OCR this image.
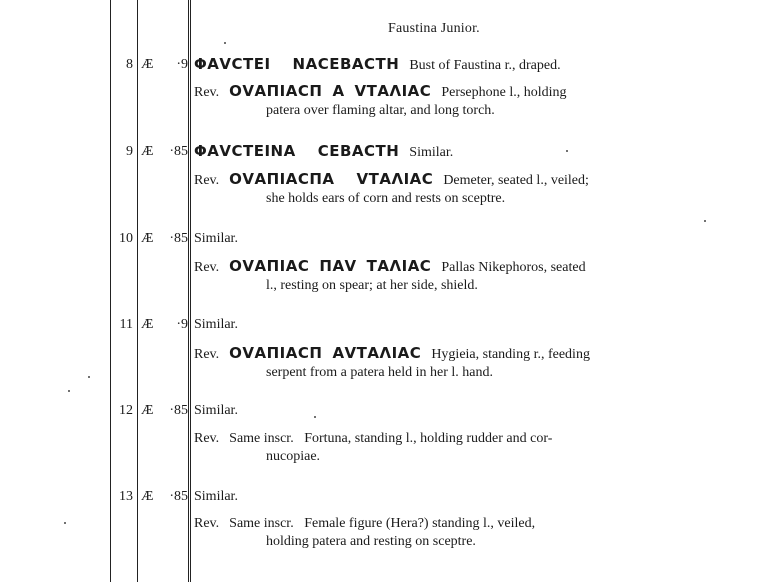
Faustina Junior.
8 Æ	·9 ΦΑVCΤΕΙ NACEBACTH Bust of Faustina r., draped.
Rev. ΟVΑΠΙΑCΠ Α VΤΑΛΙΑC Persephone l., holding
patera over flaming altar, and long torch.
9 Æ	·85 ΦΑVCΤΕΙΝΑ CΕΒΑCΤΗ Similar.
Rev. ΟVΑΠΙΑCΠΑ VΤΑΛΙΑC Demeter, seated l., veiled;
she holds ears of corn and rests on sceptre.
10 Æ	·85 Similar.
Rev. ΟVΑΠΙΑC ΠΑV ΤΑΛΙΑC Pallas Nikephoros, seated
l., resting on spear; at her side, shield.
11 Æ	·9 Similar.
Rev. ΟVΑΠΙΑCΠ ΑVΤΑΛΙΑC Hygieia, standing r., feeding
serpent from a patera held in her l. hand.
12 Æ	·85 Similar.
Rev. Same inscr.   Fortuna, standing l., holding rudder and cor-
nucopiae.
13 Æ	·85 Similar.
Rev. Same inscr.   Female figure (Hera?) standing l., veiled,
holding patera and resting on sceptre.
